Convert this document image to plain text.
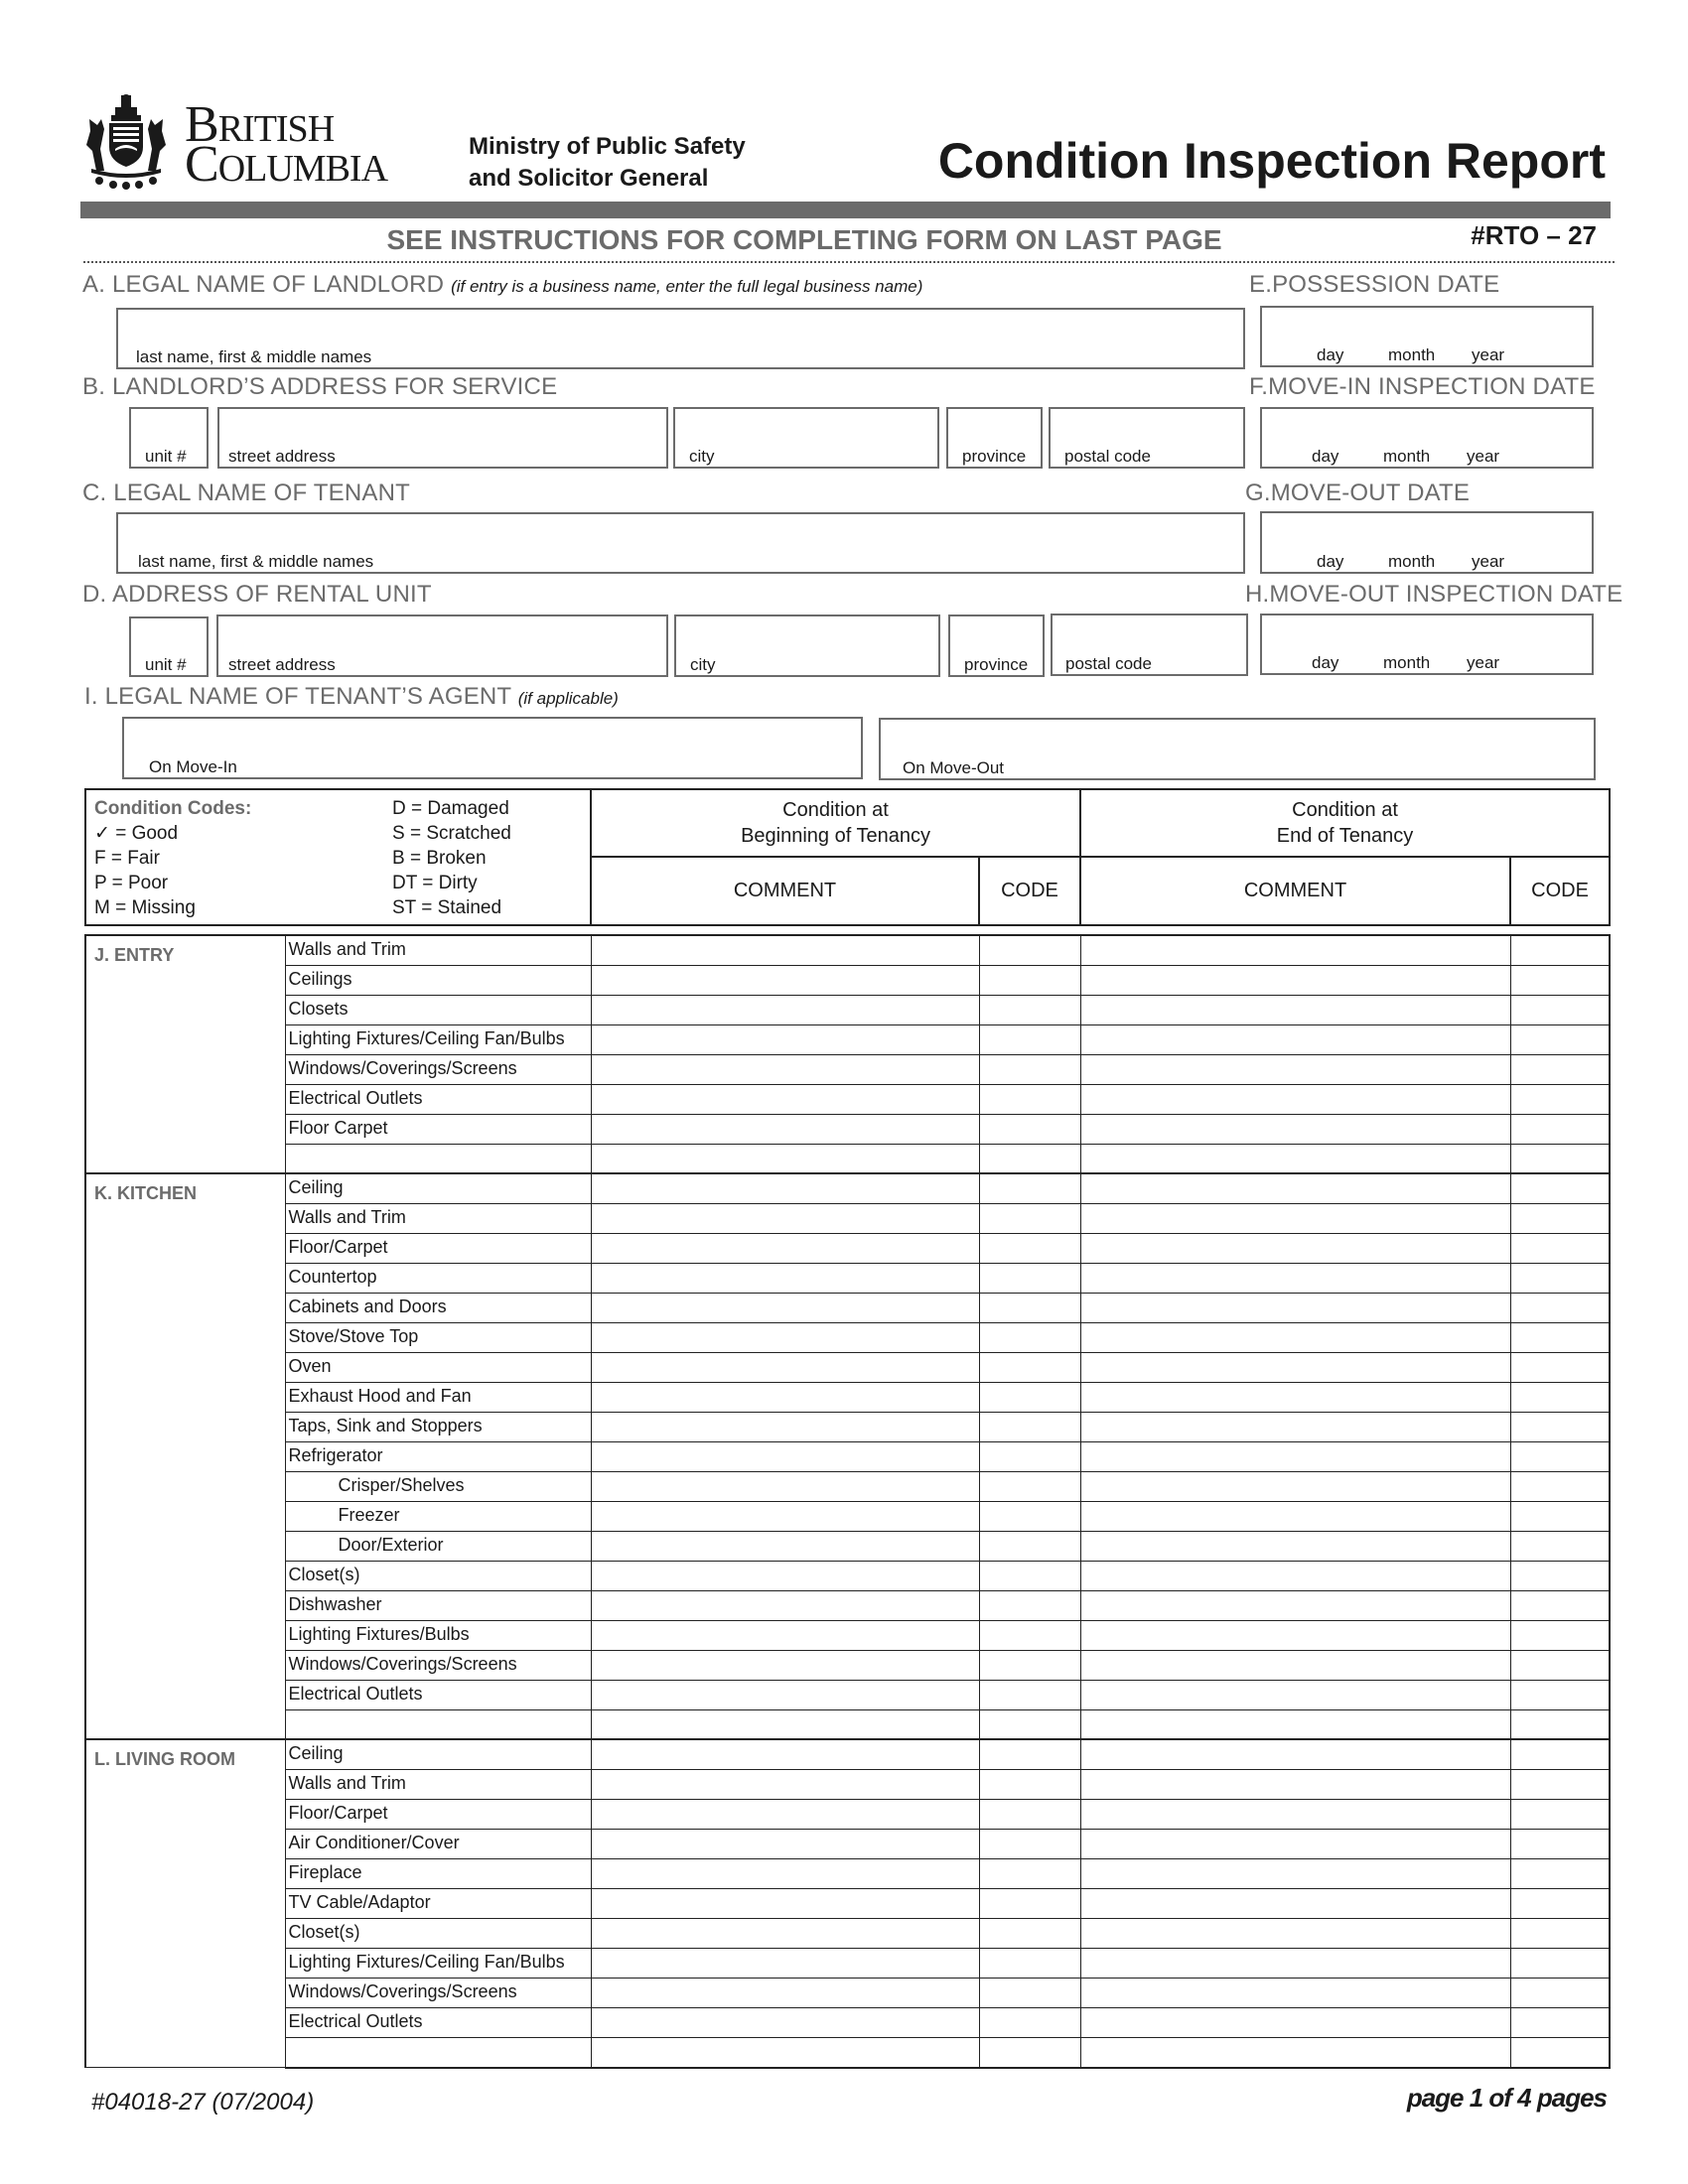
BRITISH
COLUMBIA
Ministry of Public Safety
and Solicitor General	Condition Inspection Report
SEE INSTRUCTIONS FOR COMPLETING FORM ON LAST PAGE	#RTO – 27
A. LEGAL NAME OF LANDLORD (if entry is a business name, enter the full legal business name)
last name, first & middle names
E.POSSESSION DATE
day	month year
B. LANDLORD’S ADDRESS FOR SERVICE
unit # street address	city	province postal code
F.MOVE-IN INSPECTION DATE
day	month year
C. LEGAL NAME OF TENANT
last name, first & middle names
G.MOVE-OUT DATE
day	month year
D. ADDRESS OF RENTAL UNIT
unit # street address	city	province postal code
H.MOVE-OUT INSPECTION DATE
day	month year
I. LEGAL NAME OF TENANT’S AGENT (if applicable)
On Move-In	On Move-Out
Condition Codes:	D = Damaged
✓ = Good	S = Scratched
F = Fair	B = Broken
P = Poor	DT = Dirty
M = Missing	ST = Stained

Condition at
Beginning of Tenancy

Condition at
End of Tenancy

	COMMENT	CODE	COMMENT	CODE
J. ENTRY	Walls and Trim				
	Ceilings				
	Closets				
	Lighting Fixtures/Ceiling Fan/Bulbs				
	Windows/Coverings/Screens				
	Electrical Outlets				
	Floor Carpet				

K. KITCHEN	Ceiling				
	Walls and Trim				
	Floor/Carpet				
	Countertop				
	Cabinets and Doors				
	Stove/Stove Top				
	Oven				
	Exhaust Hood and Fan				
	Taps, Sink and Stoppers				
	Refrigerator				
	Crisper/Shelves				
	Freezer				
	Door/Exterior				
	Closet(s)				
	Dishwasher				
	Lighting Fixtures/Bulbs				
	Windows/Coverings/Screens				
	Electrical Outlets				

L. LIVING ROOM	Ceiling				
	Walls and Trim				
	Floor/Carpet				
	Air Conditioner/Cover				
	Fireplace				
	TV Cable/Adaptor				
	Closet(s)				
	Lighting Fixtures/Ceiling Fan/Bulbs				
	Windows/Coverings/Screens				
	Electrical Outlets				

#04018-27 (07/2004)	page 1 of 4 pages
